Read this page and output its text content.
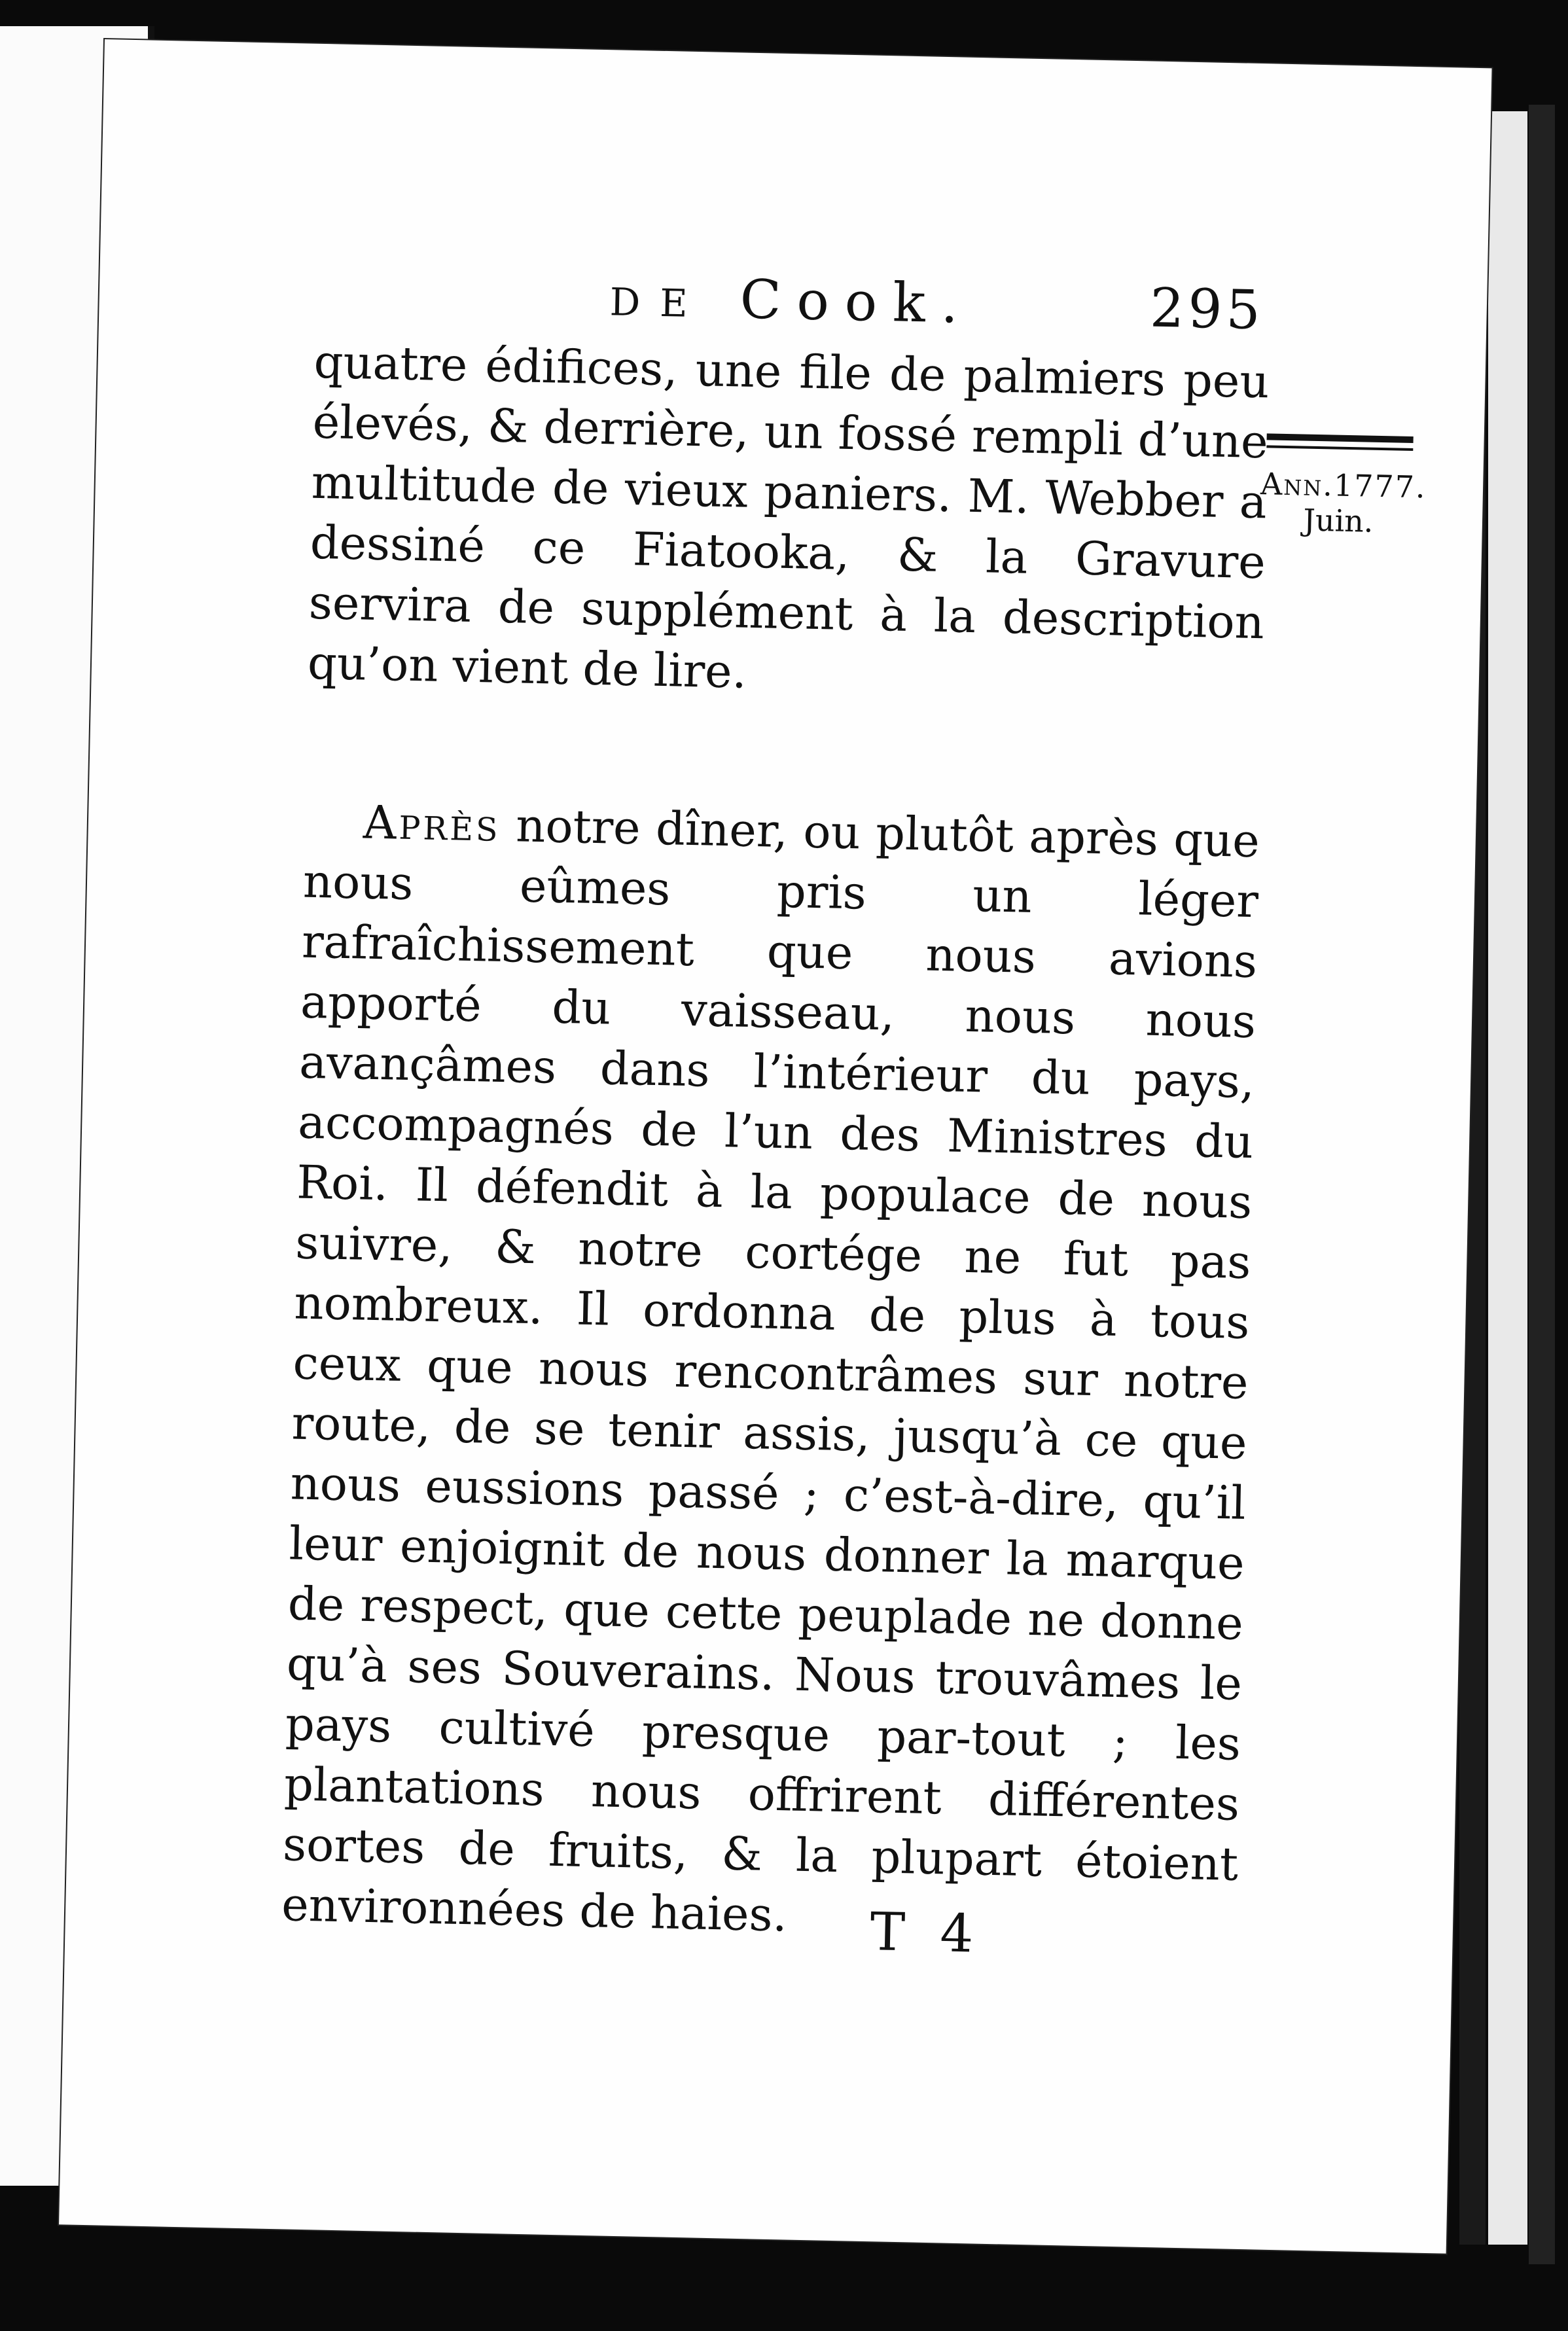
DE Cook.	295
Ann.1777.
Juin.

quatre édifices, une file de palmiers peu élevés, & derrière, un fossé rempli d’une multitude de vieux paniers. M. Webber a dessiné ce Fiatooka, & la Gravure servira de supplément à la description qu’on vient de lire.

Après notre dîner, ou plutôt après que nous eûmes pris un léger rafraîchissement que nous avions apporté du vaisseau, nous nous avançâmes dans l’intérieur du pays, accompagnés de l’un des Ministres du Roi. Il défendit à la populace de nous suivre, & notre cortége ne fut pas nombreux. Il ordonna de plus à tous ceux que nous rencontrâmes sur notre route, de se tenir assis, jusqu’à ce que nous eussions passé ; c’est-à-dire, qu’il leur enjoignit de nous donner la marque de respect, que cette peuplade ne donne qu’à ses Souverains. Nous trouvâmes le pays cultivé presque par-tout ; les plantations nous offrirent différentes sortes de fruits, & la plupart étoient environnées de haies.	T 4
